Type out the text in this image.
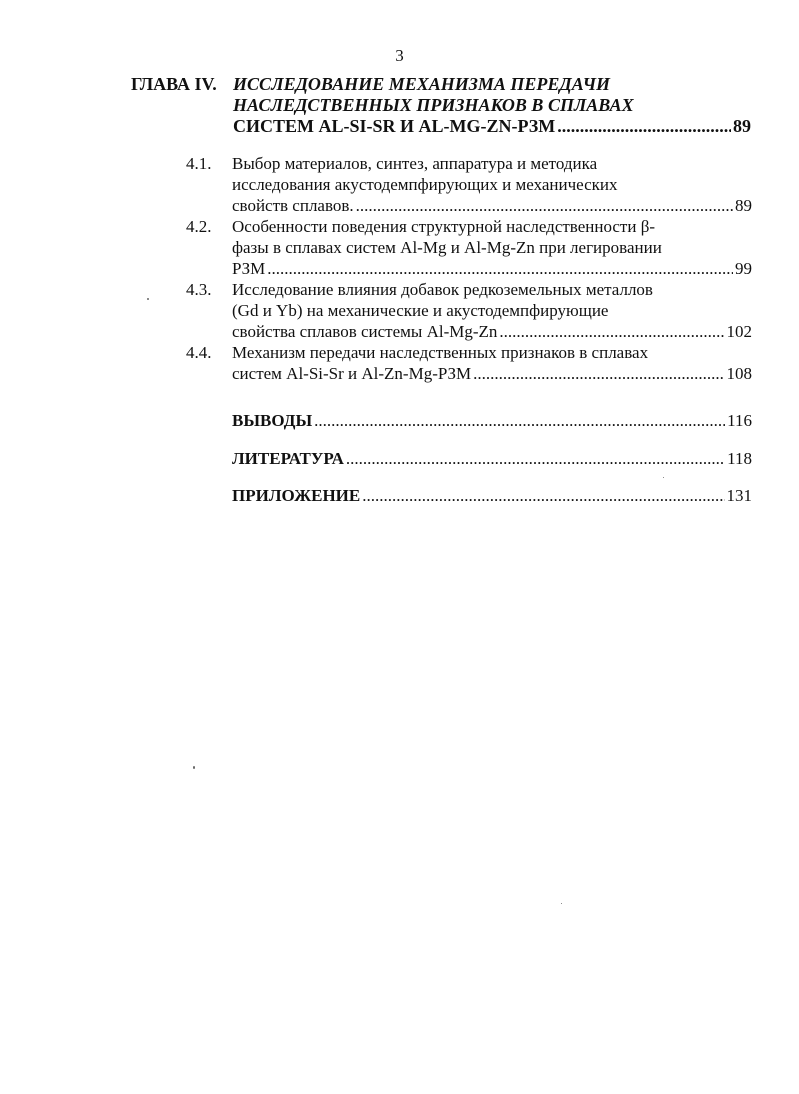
3
ГЛАВА IV. ИССЛЕДОВАНИЕ МЕХАНИЗМА ПЕРЕДАЧИ
НАСЛЕДСТВЕННЫХ ПРИЗНАКОВ В СПЛАВАХ
СИСТЕМ AL-SI-SR И AL-MG-ZN-РЗМ .....	89
4.1. Выбор материалов, синтез, аппаратура и методика
исследования акустодемпфирующих и механических
свойств сплавов. .....	89
4.2. Особенности поведения структурной наследственности β-
фазы в сплавах систем Al-Mg и Al-Mg-Zn при легировании
РЗМ .....	99
4.3. Исследование влияния добавок редкоземельных металлов
(Gd и Yb) на механические и акустодемпфирующие
свойства сплавов системы Al-Mg-Zn .....	102
4.4. Механизм передачи наследственных признаков в сплавах
систем Al-Si-Sr и Al-Zn-Mg-РЗМ .....	108
ВЫВОДЫ .....	116
ЛИТЕРАТУРА .....	118
ПРИЛОЖЕНИЕ .....	131
